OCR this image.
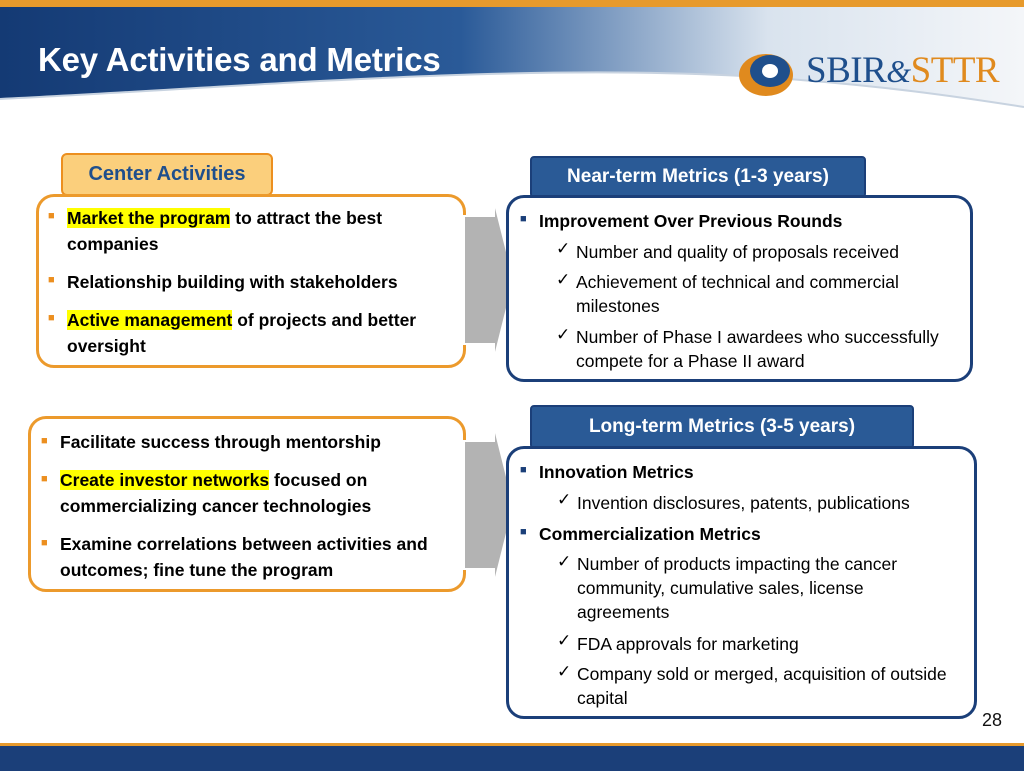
Key Activities and Metrics	SBIR&STTR
Center Activities
■ Market the program to attract the best companies
■ Relationship building with stakeholders
■ Active management of projects and better oversight
■ Facilitate success through mentorship
■ Create investor networks focused on commercializing cancer technologies
■ Examine correlations between activities and outcomes; fine tune the program
Near-term Metrics (1-3 years)
■ Improvement Over Previous Rounds
✓ Number and quality of proposals received
✓ Achievement of technical and commercial milestones
✓ Number of Phase I awardees who successfully compete for a Phase II award
Long-term Metrics (3-5 years)
■ Innovation Metrics
✓ Invention disclosures, patents, publications
■ Commercialization Metrics
✓ Number of products impacting the cancer community, cumulative sales, license agreements
✓ FDA approvals for marketing
✓ Company sold or merged, acquisition of outside capital
28
